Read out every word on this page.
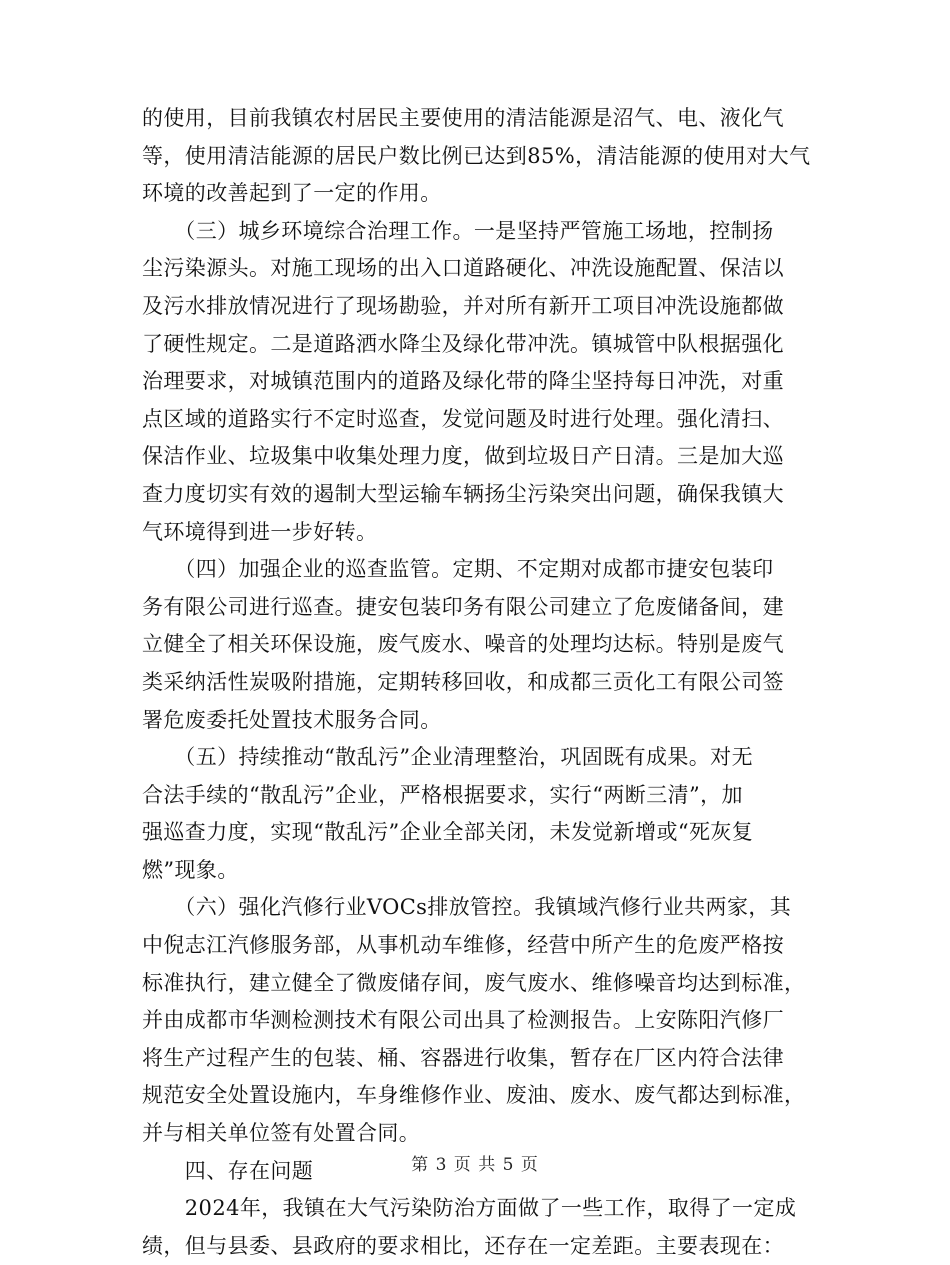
的使用，目前我镇农村居民主要使用的清洁能源是沼气、电、液化气
等，使用清洁能源的居民户数比例已达到85%，清洁能源的使用对大气
环境的改善起到了一定的作用。
　　（三）城乡环境综合治理工作。一是坚持严管施工场地，控制扬
尘污染源头。对施工现场的出入口道路硬化、冲洗设施配置、保洁以
及污水排放情况进行了现场勘验，并对所有新开工项目冲洗设施都做
了硬性规定。二是道路洒水降尘及绿化带冲洗。镇城管中队根据强化
治理要求，对城镇范围内的道路及绿化带的降尘坚持每日冲洗，对重
点区域的道路实行不定时巡查，发觉问题及时进行处理。强化清扫、
保洁作业、垃圾集中收集处理力度，做到垃圾日产日清。三是加大巡
查力度切实有效的遏制大型运输车辆扬尘污染突出问题，确保我镇大
气环境得到进一步好转。
　　（四）加强企业的巡查监管。定期、不定期对成都市捷安包装印
务有限公司进行巡查。捷安包装印务有限公司建立了危废储备间，建
立健全了相关环保设施，废气废水、噪音的处理均达标。特别是废气
类采纳活性炭吸附措施，定期转移回收，和成都三贡化工有限公司签
署危废委托处置技术服务合同。
　　（五）持续推动“散乱污”企业清理整治，巩固既有成果。对无
合法手续的“散乱污”企业，严格根据要求，实行“两断三清”，加
强巡查力度，实现“散乱污”企业全部关闭，未发觉新增或“死灰复
燃”现象。
　　（六）强化汽修行业VOCs排放管控。我镇域汽修行业共两家，其
中倪志江汽修服务部，从事机动车维修，经营中所产生的危废严格按
标准执行，建立健全了微废储存间，废气废水、维修噪音均达到标准，
并由成都市华测检测技术有限公司出具了检测报告。上安陈阳汽修厂
将生产过程产生的包装、桶、容器进行收集，暂存在厂区内符合法律
规范安全处置设施内，车身维修作业、废油、废水、废气都达到标准，
并与相关单位签有处置合同。
　　四、存在问题
　　2024年，我镇在大气污染防治方面做了一些工作，取得了一定成
绩，但与县委、县政府的要求相比，还存在一定差距。主要表现在：
第 3 页 共 5 页
